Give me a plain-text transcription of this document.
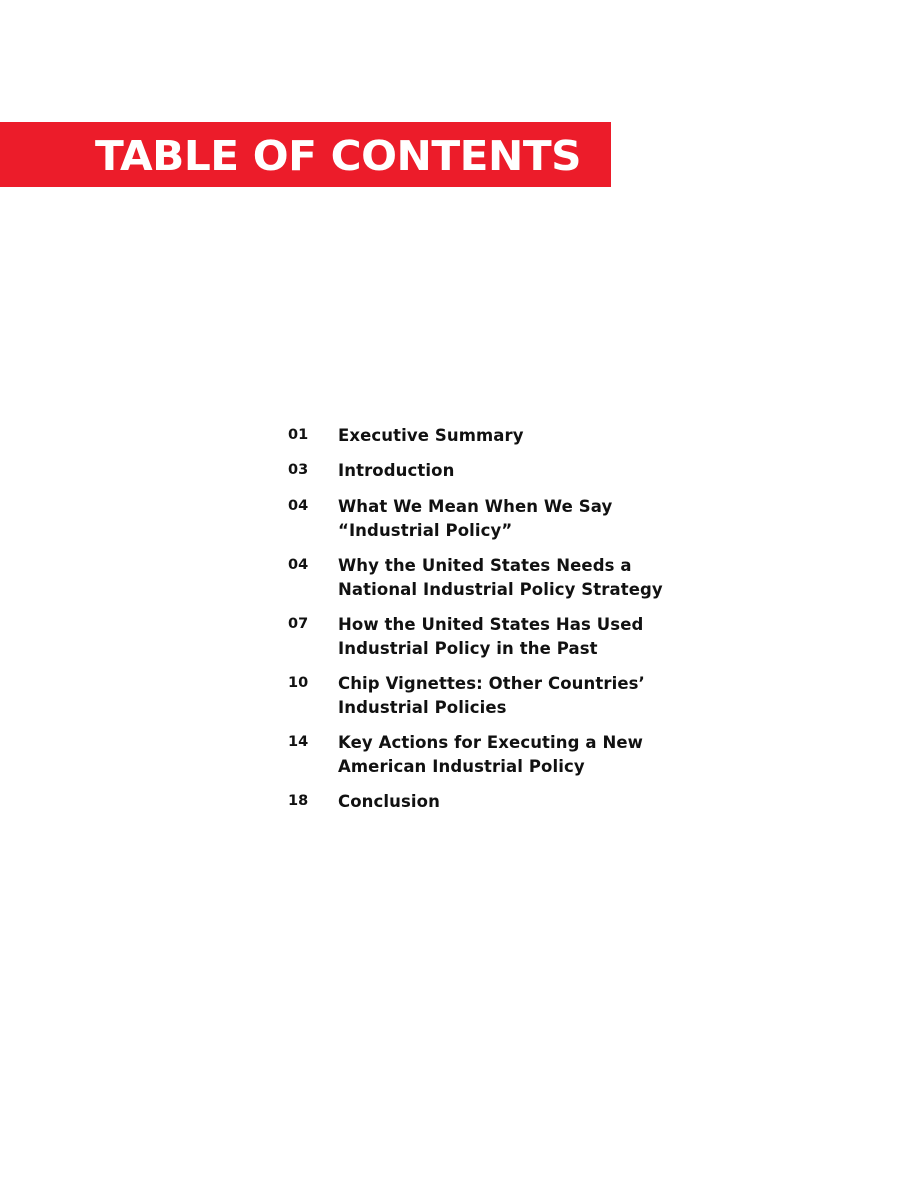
TABLE OF CONTENTS
01	Executive Summary
03	Introduction
04	What We Mean When We Say
“Industrial Policy”
04	Why the United States Needs a
National Industrial Policy Strategy
07	How the United States Has Used
Industrial Policy in the Past
10	Chip Vignettes: Other Countries’
Industrial Policies
14	Key Actions for Executing a New
American Industrial Policy
18	Conclusion
